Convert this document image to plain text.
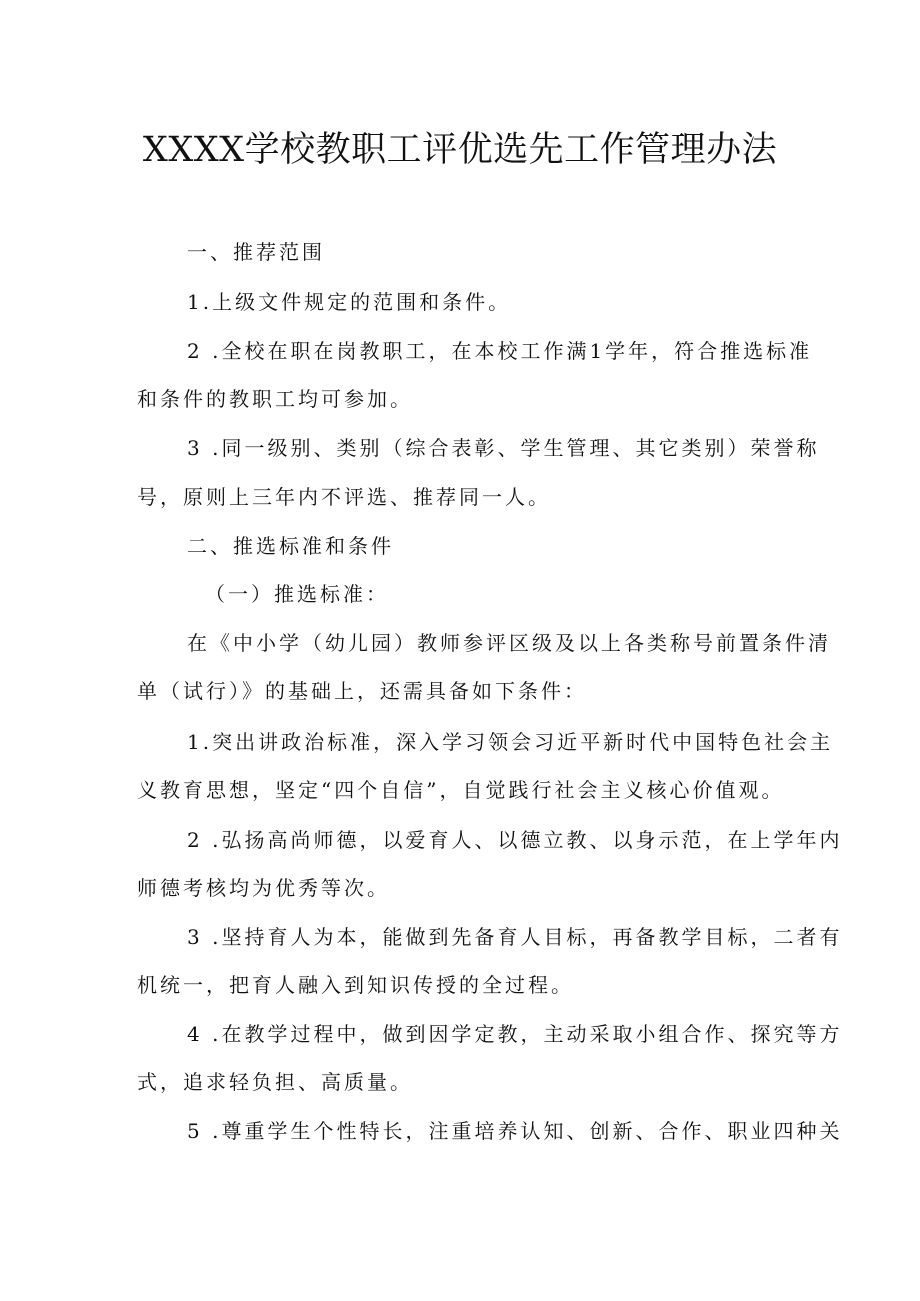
XXXX学校教职工评优选先工作管理办法
一、推荐范围
1.上级文件规定的范围和条件。
2 .全校在职在岗教职工，在本校工作满1学年，符合推选标准
和条件的教职工均可参加。
3 .同一级别、类别（综合表彰、学生管理、其它类别）荣誉称
号，原则上三年内不评选、推荐同一人。
二、推选标准和条件
（一）推选标准：
在《中小学（幼儿园）教师参评区级及以上各类称号前置条件清
单（试行）》的基础上，还需具备如下条件：
1.突出讲政治标准，深入学习领会习近平新时代中国特色社会主
义教育思想，坚定“四个自信”，自觉践行社会主义核心价值观。
2 .弘扬高尚师德，以爱育人、以德立教、以身示范，在上学年内
师德考核均为优秀等次。
3 .坚持育人为本，能做到先备育人目标，再备教学目标，二者有
机统一，把育人融入到知识传授的全过程。
4 .在教学过程中，做到因学定教，主动采取小组合作、探究等方
式，追求轻负担、高质量。
5 .尊重学生个性特长，注重培养认知、创新、合作、职业四种关
